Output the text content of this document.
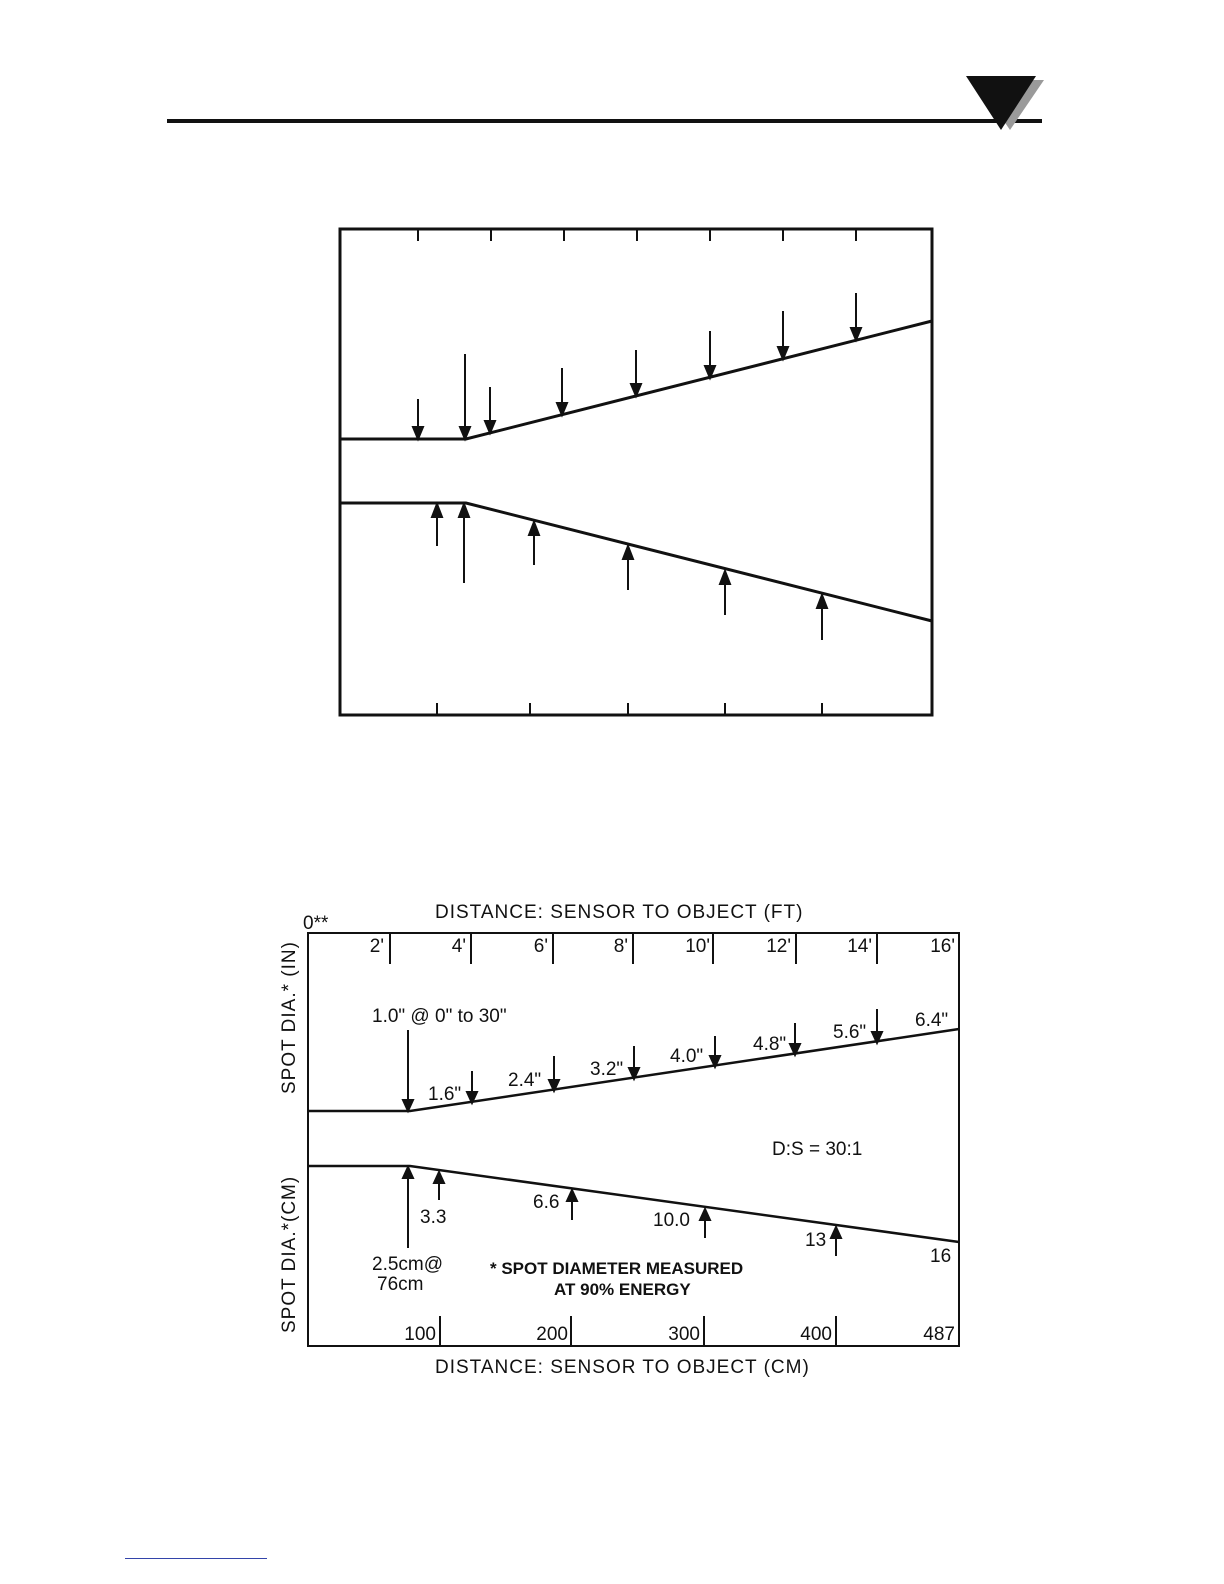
0**
DISTANCE: SENSOR TO OBJECT (FT)
DISTANCE: SENSOR TO OBJECT (CM)
SPOT DIA.* (IN)
SPOT DIA.*(CM)
2'	4'	6'	8'	10'	12'	14'	16'
100	200	300	400	487
1.0" @ 0" to 30"
1.6"
2.4"
3.2"
4.0"
4.8"
5.6"
6.4"
3.3
6.6
10.0
13
16
2.5cm@
76cm
D:S = 30:1
* SPOT DIAMETER MEASURED
AT 90% ENERGY
